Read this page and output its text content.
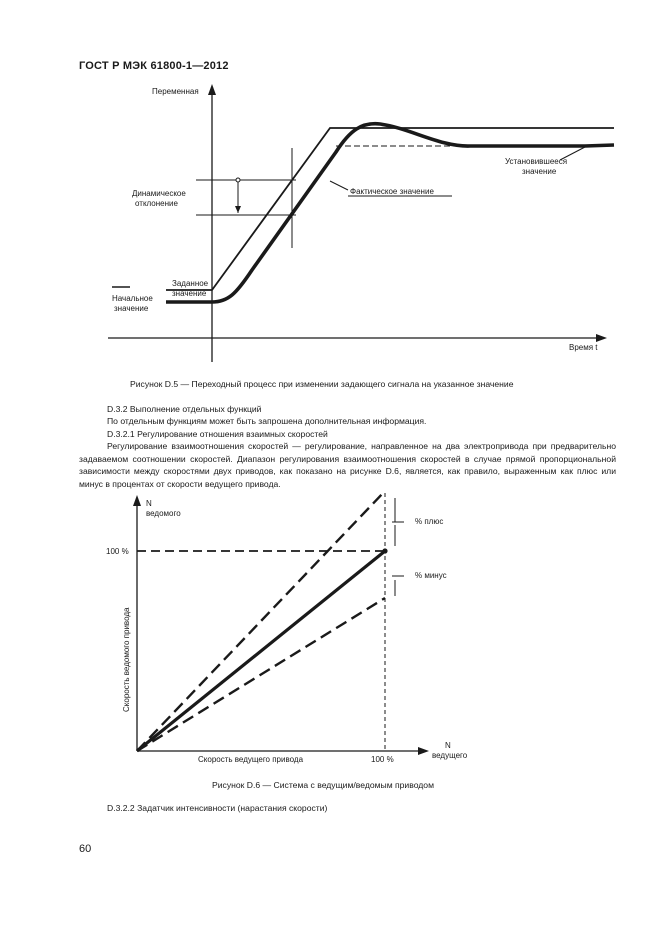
ГОСТ Р МЭК 61800-1—2012
Переменная
Время t
Динамическое
отклонение
Фактическое значение
Установившееся
значение
Заданное
значение
Начальное
значение
N
ведомого
N
ведущего
100 %
100 %
Скорость ведущего привода
Скорость ведомого привода
% плюс
% минус
Рисунок D.5 — Переходный процесс при изменении задающего сигнала на указанное значение

D.3.2 Выполнение отдельных функций

По отдельным функциям может быть запрошена дополнительная информация.

D.3.2.1 Регулирование отношения взаимных скоростей

Регулирование взаимоотношения скоростей — регулирование, направленное на два электропривода при предварительно задаваемом соотношении скоростей. Диапазон регулирования взаимоотношения скоростей в случае прямой пропорциональной зависимости между скоростями двух приводов, как показано на рисунке D.6, является, как правило, выраженным как плюс или минус в процентах от скорости ведущего привода.

Рисунок D.6 — Система с ведущим/ведомым приводом
D.3.2.2 Задатчик интенсивности (нарастания скорости)
60
